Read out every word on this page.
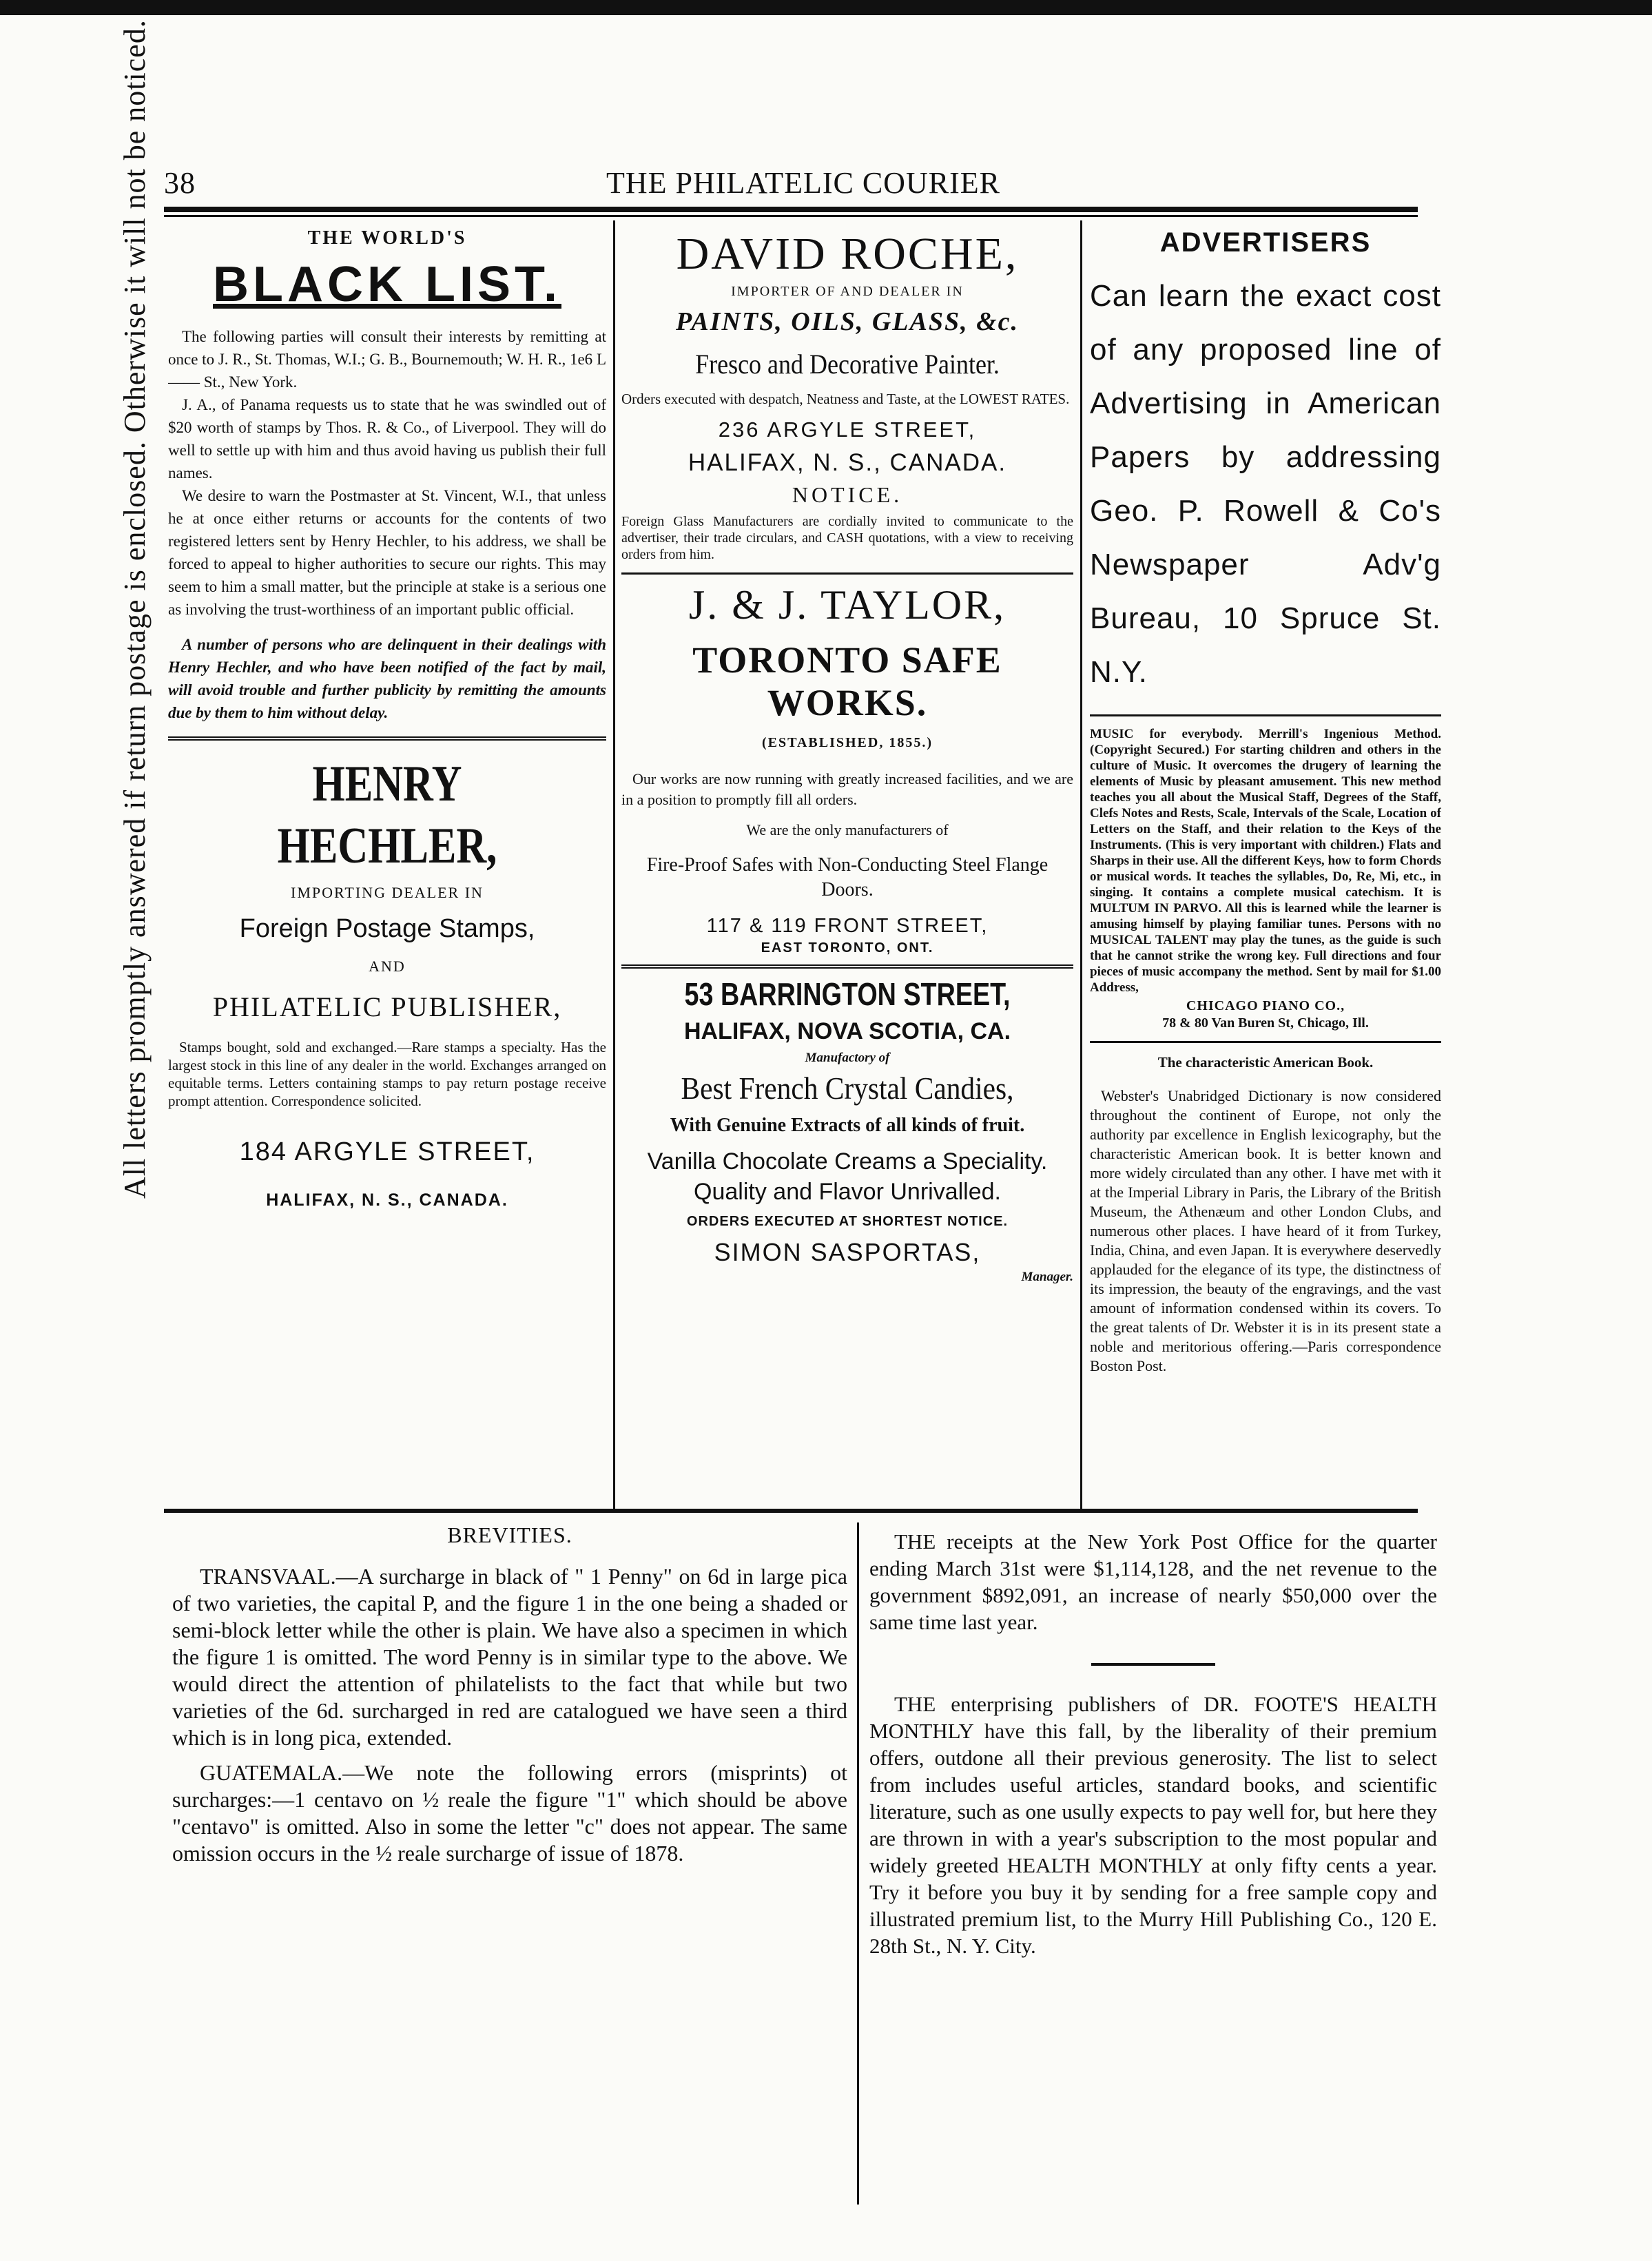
All letters promptly answered if return postage is enclosed. Otherwise it will not be noticed. 38	THE PHILATELIC COURIER
THE WORLD'S
BLACK LIST.

The following parties will consult their interests by remitting at once to J. R., St. Thomas, W.I.; G. B., Bournemouth; W. H. R., 1e6 L—— St., New York.

J. A., of Panama requests us to state that he was swindled out of $20 worth of stamps by Thos. R. & Co., of Liverpool. They will do well to settle up with him and thus avoid having us publish their full names.

We desire to warn the Postmaster at St. Vincent, W.I., that unless he at once either returns or accounts for the contents of two registered letters sent by Henry Hechler, to his address, we shall be forced to appeal to higher authorities to secure our rights. This may seem to him a small matter, but the principle at stake is a serious one as involving the trust-worthiness of an important public official.

A number of persons who are delinquent in their dealings with Henry Hechler, and who have been notified of the fact by mail, will avoid trouble and further publicity by remitting the amounts due by them to him without delay.

HENRY HECHLER,
IMPORTING DEALER IN
Foreign Postage Stamps,
AND
PHILATELIC PUBLISHER,

Stamps bought, sold and exchanged.—Rare stamps a specialty. Has the largest stock in this line of any dealer in the world. Exchanges arranged on equitable terms. Letters containing stamps to pay return postage receive prompt attention. Correspondence solicited.

184 ARGYLE STREET,
HALIFAX, N. S., CANADA.
DAVID ROCHE,
IMPORTER OF AND DEALER IN
PAINTS, OILS, GLASS, &c.
Fresco and Decorative Painter.

Orders executed with despatch, Neatness and Taste, at the LOWEST RATES.

236 ARGYLE STREET,
HALIFAX, N. S., CANADA.
NOTICE.

Foreign Glass Manufacturers are cordially invited to communicate to the advertiser, their trade circulars, and CASH quotations, with a view to receiving orders from him.

J. & J. TAYLOR,
TORONTO SAFE WORKS.
(ESTABLISHED, 1855.)

Our works are now running with greatly increased facilities, and we are in a position to promptly fill all orders.

We are the only manufacturers of

Fire-Proof Safes with Non-Conducting Steel Flange Doors.
117 & 119 FRONT STREET,
EAST TORONTO, ONT.
53 BARRINGTON STREET,
HALIFAX, NOVA SCOTIA, CA.
Manufactory of
Best French Crystal Candies,
With Genuine Extracts of all kinds of fruit.
Vanilla Chocolate Creams a Speciality. Quality and Flavor Unrivalled.
ORDERS EXECUTED AT SHORTEST NOTICE.
SIMON SASPORTAS,
Manager.
ADVERTISERS

Can learn the exact cost of any proposed line of Advertising in American Papers by addressing Geo. P. Rowell & Co's Newspaper Adv'g Bureau, 10 Spruce St. N.Y.

MUSIC for everybody. Merrill's Ingenious Method. (Copyright Secured.) For starting children and others in the culture of Music. It overcomes the drugery of learning the elements of Music by pleasant amusement. This new method teaches you all about the Musical Staff, Degrees of the Staff, Clefs Notes and Rests, Scale, Intervals of the Scale, Location of Letters on the Staff, and their relation to the Keys of the Instruments. (This is very important with children.) Flats and Sharps in their use. All the different Keys, how to form Chords or musical words. It teaches the syllables, Do, Re, Mi, etc., in singing. It contains a complete musical catechism. It is MULTUM IN PARVO. All this is learned while the learner is amusing himself by playing familiar tunes. Persons with no MUSICAL TALENT may play the tunes, as the guide is such that he cannot strike the wrong key. Full directions and four pieces of music accompany the method. Sent by mail for $1.00 Address,

CHICAGO PIANO CO.,
78 & 80 Van Buren St, Chicago, Ill.
The characteristic American Book.

Webster's Unabridged Dictionary is now considered throughout the continent of Europe, not only the authority par excellence in English lexicography, but the characteristic American book. It is better known and more widely circulated than any other. I have met with it at the Imperial Library in Paris, the Library of the British Museum, the Athenæum and other London Clubs, and numerous other places. I have heard of it from Turkey, India, China, and even Japan. It is everywhere deservedly applauded for the elegance of its type, the distinctness of its impression, the beauty of the engravings, and the vast amount of information condensed within its covers. To the great talents of Dr. Webster it is in its present state a noble and meritorious offering.—Paris correspondence Boston Post.

BREVITIES.

TRANSVAAL.—A surcharge in black of " 1 Penny" on 6d in large pica of two varieties, the capital P, and the figure 1 in the one being a shaded or semi-block letter while the other is plain. We have also a specimen in which the figure 1 is omitted. The word Penny is in similar type to the above. We would direct the attention of philatelists to the fact that while but two varieties of the 6d. surcharged in red are catalogued we have seen a third which is in long pica, extended.

GUATEMALA.—We note the following errors (misprints) ot surcharges:—1 centavo on ½ reale the figure "1" which should be above "centavo" is omitted. Also in some the letter "c" does not appear. The same omission occurs in the ½ reale surcharge of issue of 1878.

THE receipts at the New York Post Office for the quarter ending March 31st were $1,114,128, and the net revenue to the government $892,091, an increase of nearly $50,000 over the same time last year.

THE enterprising publishers of DR. FOOTE'S HEALTH MONTHLY have this fall, by the liberality of their premium offers, outdone all their previous generosity. The list to select from includes useful articles, standard books, and scientific literature, such as one usully expects to pay well for, but here they are thrown in with a year's subscription to the most popular and widely greeted HEALTH MONTHLY at only fifty cents a year. Try it before you buy it by sending for a free sample copy and illustrated premium list, to the Murry Hill Publishing Co., 120 E. 28th St., N. Y. City.
